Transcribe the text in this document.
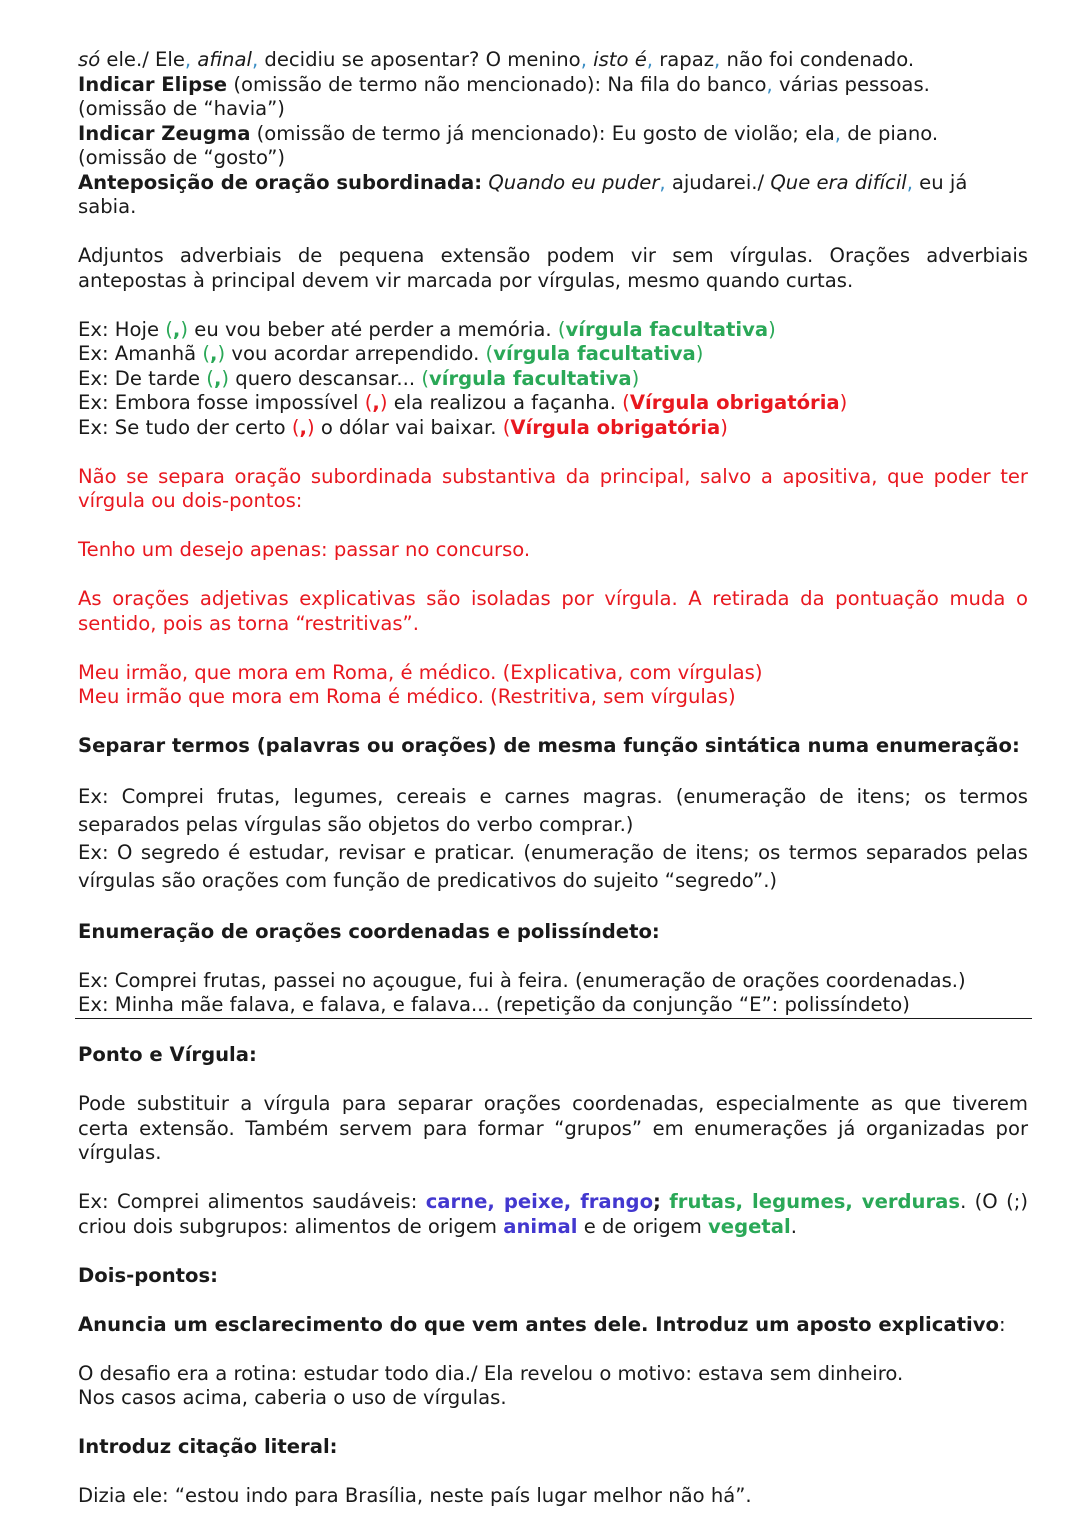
só ele./ Ele, afinal, decidiu se aposentar? O menino, isto é, rapaz, não foi condenado.

Indicar Elipse (omissão de termo não mencionado): Na fila do banco, várias pessoas.

(omissão de “havia”)

Indicar Zeugma (omissão de termo já mencionado): Eu gosto de violão; ela, de piano.

(omissão de “gosto”)

Anteposição de oração subordinada: Quando eu puder, ajudarei./ Que era difícil, eu já

sabia.

Adjuntos adverbiais de pequena extensão podem vir sem vírgulas. Orações adverbiais antepostas à principal devem vir marcada por vírgulas, mesmo quando curtas.

Ex: Hoje (,) eu vou beber até perder a memória. (vírgula facultativa)

Ex: Amanhã (,) vou acordar arrependido. (vírgula facultativa)

Ex: De tarde (,) quero descansar... (vírgula facultativa)

Ex: Embora fosse impossível (,) ela realizou a façanha. (Vírgula obrigatória)

Ex: Se tudo der certo (,) o dólar vai baixar. (Vírgula obrigatória)

Não se separa oração subordinada substantiva da principal, salvo a apositiva, que poder ter vírgula ou dois-pontos:

Tenho um desejo apenas: passar no concurso.

As orações adjetivas explicativas são isoladas por vírgula. A retirada da pontuação muda o sentido, pois as torna “restritivas”.

Meu irmão, que mora em Roma, é médico. (Explicativa, com vírgulas)

Meu irmão que mora em Roma é médico. (Restritiva, sem vírgulas)

Separar termos (palavras ou orações) de mesma função sintática numa enumeração:

Ex: Comprei frutas, legumes, cereais e carnes magras. (enumeração de itens; os termos separados pelas vírgulas são objetos do verbo comprar.)

Ex: O segredo é estudar, revisar e praticar. (enumeração de itens; os termos separados pelas vírgulas são orações com função de predicativos do sujeito “segredo”.)

Enumeração de orações coordenadas e polissíndeto:

Ex: Comprei frutas, passei no açougue, fui à feira. (enumeração de orações coordenadas.)

Ex: Minha mãe falava, e falava, e falava... (repetição da conjunção “E”: polissíndeto)

Ponto e Vírgula:

Pode substituir a vírgula para separar orações coordenadas, especialmente as que tiverem certa extensão. Também servem para formar “grupos” em enumerações já organizadas por vírgulas.

Ex: Comprei alimentos saudáveis: carne, peixe, frango; frutas, legumes, verduras. (O (;) criou dois subgrupos: alimentos de origem animal e de origem vegetal.

Dois-pontos:

Anuncia um esclarecimento do que vem antes dele. Introduz um aposto explicativo:

O desafio era a rotina: estudar todo dia./ Ela revelou o motivo: estava sem dinheiro.

Nos casos acima, caberia o uso de vírgulas.

Introduz citação literal:

Dizia ele: “estou indo para Brasília, neste país lugar melhor não há”.
